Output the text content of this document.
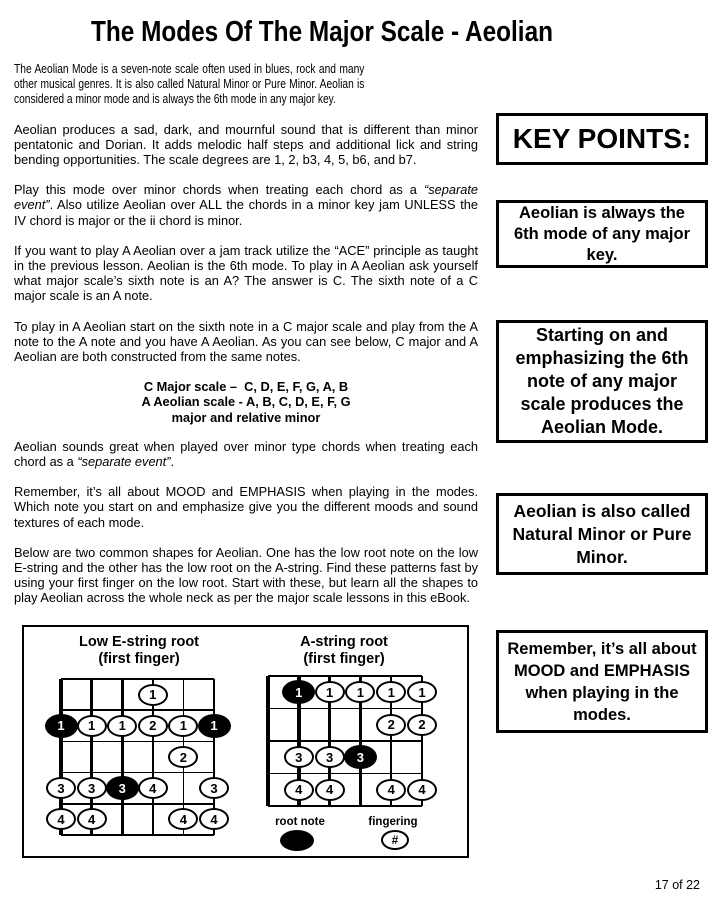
The Modes Of The Major Scale - Aeolian

The Aeolian Mode is a seven-note scale often used in blues, rock and many other musical genres. It is also called Natural Minor or Pure Minor. Aeolian is considered a minor mode and is always the 6th mode in any major key.

Aeolian produces a sad, dark, and mournful sound that is different than minor pentatonic and Dorian. It adds melodic half steps and additional lick and string bending opportunities. The scale degrees are 1, 2, b3, 4, 5, b6, and b7.

Play this mode over minor chords when treating each chord as a “separate event”. Also utilize Aeolian over ALL the chords in a minor key jam UNLESS the IV chord is major or the ii chord is minor.

If you want to play A Aeolian over a jam track utilize the “ACE” principle as taught in the previous lesson. Aeolian is the 6th mode. To play in A Aeolian ask yourself what major scale’s sixth note is an A? The answer is C. The sixth note of a C major scale is an A note.

To play in A Aeolian start on the sixth note in a C major scale and play from the A note to the A note and you have A Aeolian. As you can see below, C major and A Aeolian are both constructed from the same notes.

C Major scale –  C, D, E, F, G, A, B
A Aeolian scale - A, B, C, D, E, F, G
major and relative minor

Aeolian sounds great when played over minor type chords when treating each chord as a “separate event”.

Remember, it’s all about MOOD and EMPHASIS when playing in the modes. Which note you start on and emphasize give you the different moods and sound textures of each mode.

Below are two common shapes for Aeolian. One has the low root note on the low E-string and the other has the low root on the A-string. Find these patterns fast by using your first finger on the low root. Start with these, but learn all the shapes to play Aeolian across the whole neck as per the major scale lessons in this eBook.

KEY POINTS:
Aeolian is always the 6th mode of any major key.
Starting on and emphasizing the 6th note of any major scale produces the Aeolian Mode.
Aeolian is also called Natural Minor or Pure Minor.
Remember, it’s all about MOOD and EMPHASIS when playing in the modes.
Low E-string root
(first finger)
A-string root
(first finger)
1
1	1	1	2	1	1
2
3	3	3	4	3
4	4	4	4
1	1	1	1	1
2	2
3	3	3
4	4	4	4
root note	fingering
#
17 of 22
